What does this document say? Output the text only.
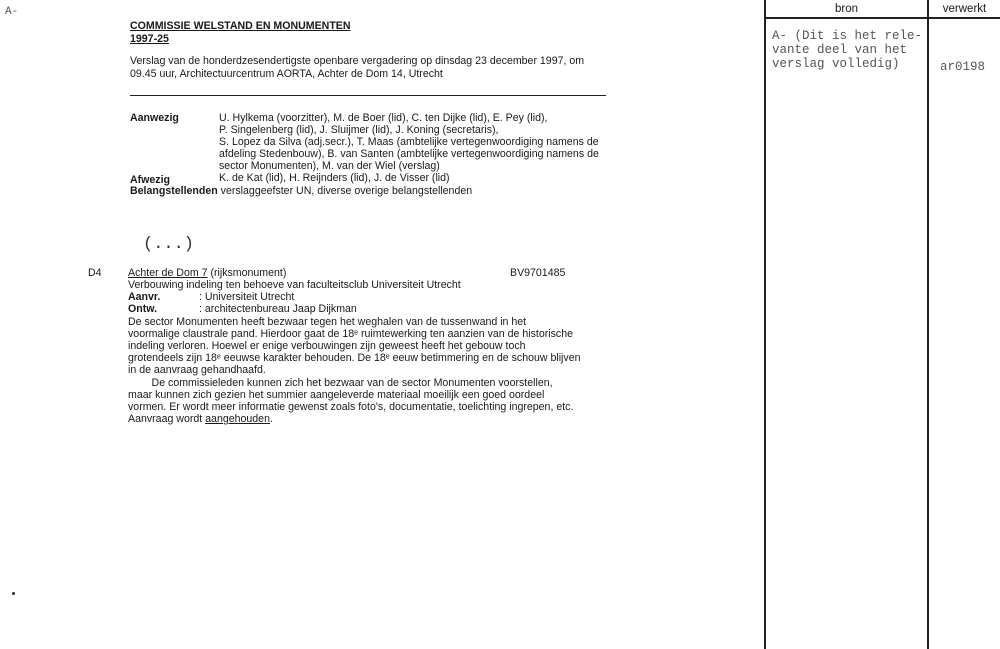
A-
COMMISSIE WELSTAND EN MONUMENTEN
1997-25
Verslag van de honderdzesendertigste openbare vergadering op dinsdag 23 december 1997, om
09.45 uur, Architectuurcentrum AORTA, Achter de Dom 14, Utrecht
Aanwezig	U. Hylkema (voorzitter), M. de Boer (lid), C. ten Dijke (lid), E. Pey (lid),
P. Singelenberg (lid), J. Sluijmer (lid), J. Koning (secretaris),
S. Lopez da Silva (adj.secr.), T. Maas (ambtelijke vertegenwoordiging namens de
afdeling Stedenbouw), B. van Santen (ambtelijke vertegenwoordiging namens de
sector Monumenten), M. van der Wiel (verslag)
Afwezig	K. de Kat (lid), H. Reijnders (lid), J. de Visser (lid)
Belangstellenden verslaggeefster UN, diverse overige belangstellenden
(...)
D4 Achter de Dom 7 (rijksmonument)	BV9701485
Verbouwing indeling ten behoeve van faculteitsclub Universiteit Utrecht
Aanvr.	: Universiteit Utrecht
Ontw.	: architectenbureau Jaap Dijkman
De sector Monumenten heeft bezwaar tegen het weghalen van de tussenwand in het
voormalige claustrale pand. Hierdoor gaat de 18ᵉ ruimtewerking ten aanzien van de historische
indeling verloren. Hoewel er enige verbouwingen zijn geweest heeft het gebouw toch
grotendeels zijn 18ᵉ eeuwse karakter behouden. De 18ᵉ eeuw betimmering en de schouw blijven
in de aanvraag gehandhaafd.
De commissieleden kunnen zich het bezwaar van de sector Monumenten voorstellen,
maar kunnen zich gezien het summier aangeleverde materiaal moeilijk een goed oordeel
vormen. Er wordt meer informatie gewenst zoals foto's, documentatie, toelichting ingrepen, etc.
Aanvraag wordt aangehouden.
bron	verwerkt
A- (Dit is het rele-
vante deel van het
verslag volledig)	ar0198
